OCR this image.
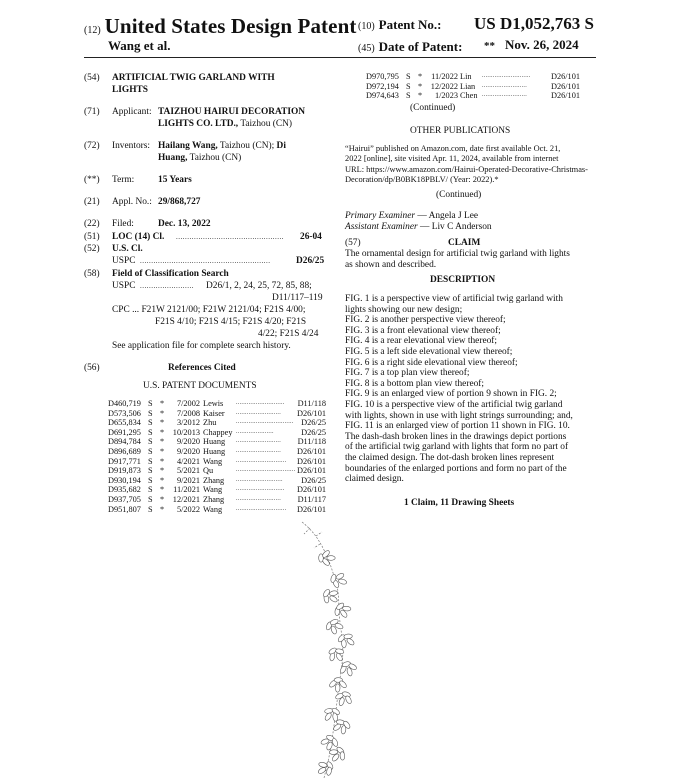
(12) United States Design Patent
Wang et al.
(10) Patent No.: US D1,052,763 S
(45) Date of Patent: ** Nov. 26, 2024
(54) ARTIFICIAL TWIG GARLAND WITH
LIGHTS
(71) Applicant: TAIZHOU HAIRUI DECORATION
LIGHTS CO. LTD., Taizhou (CN)
(72) Inventors: Hailang Wang, Taizhou (CN); Di
Huang, Taizhou (CN)
(**) Term:	15 Years
(21) Appl. No.: 29/868,727
(22) Filed:	Dec. 13, 2022
(51) LOC (14) Cl. ................................................ 26-04
(52) U.S. Cl.
USPC ..........................................................	D26/25
(58) Field of Classification Search
USPC ........................ D26/1, 2, 24, 25, 72, 85, 88;
D11/117–119
CPC ... F21W 2121/00; F21W 2121/04; F21S 4/00;
F21S 4/10; F21S 4/15; F21S 4/20; F21S
4/22; F21S 4/24
See application file for complete search history.
(56)	References Cited
U.S. PATENT DOCUMENTS
D460,719 S *	7/2002 Lewis ...........................	D11/118
D573,506 S *	7/2008 Kaiser .........................	D26/101
D655,834 S *	3/2012 Zhu	................................ D26/25
D691,295 S *	10/2013 Chappey .....................	D26/25
D894,784 S *	9/2020 Huang .........................	D11/118
D896,689 S *	9/2020 Huang .........................	D26/101
D917,771 S *	4/2021 Wang ............................	D26/101
D919,873 S *	5/2021 Qu	................................. D26/101
D930,194 S *	9/2021 Zhang ..........................	D26/25
D935,682 S *	11/2021 Wang ...........................	D26/101
D937,705 S *	12/2021 Zhang .........................	D11/117
D951,807 S *	5/2022 Wang ............................	D26/101
D970,795 S *	11/2022 Lin ...........................	D26/101
D972,194 S *	12/2022 Lian .........................	D26/101
D974,643 S *	1/2023 Chen .........................	D26/101
(Continued)
OTHER PUBLICATIONS
“Hairui” published on Amazon.com, date first available Oct. 21,
2022 [online], site visited Apr. 11, 2024, available from internet
URL: https://www.amazon.com/Hairui-Operated-Decorative-Christmas-
Decoration/dp/B0BK18PBLV/ (Year: 2022).*
(Continued)
Primary Examiner — Angela J Lee
Assistant Examiner — Liv C Anderson
(57)	CLAIM
The ornamental design for artificial twig garland with lights
as shown and described.
DESCRIPTION
FIG. 1 is a perspective view of artificial twig garland with
lights showing our new design;
FIG. 2 is another perspective view thereof;
FIG. 3 is a front elevational view thereof;
FIG. 4 is a rear elevational view thereof;
FIG. 5 is a left side elevational view thereof;
FIG. 6 is a right side elevational view thereof;
FIG. 7 is a top plan view thereof;
FIG. 8 is a bottom plan view thereof;
FIG. 9 is an enlarged view of portion 9 shown in FIG. 2;
FIG. 10 is a perspective view of the artificial twig garland
with lights, shown in use with light strings surrounding; and,
FIG. 11 is an enlarged view of portion 11 shown in FIG. 10.
The dash-dash broken lines in the drawings depict portions
of the artificial twig garland with lights that form no part of
the claimed design. The dot-dash broken lines represent
boundaries of the enlarged portions and form no part of the
claimed design.
1 Claim, 11 Drawing Sheets
